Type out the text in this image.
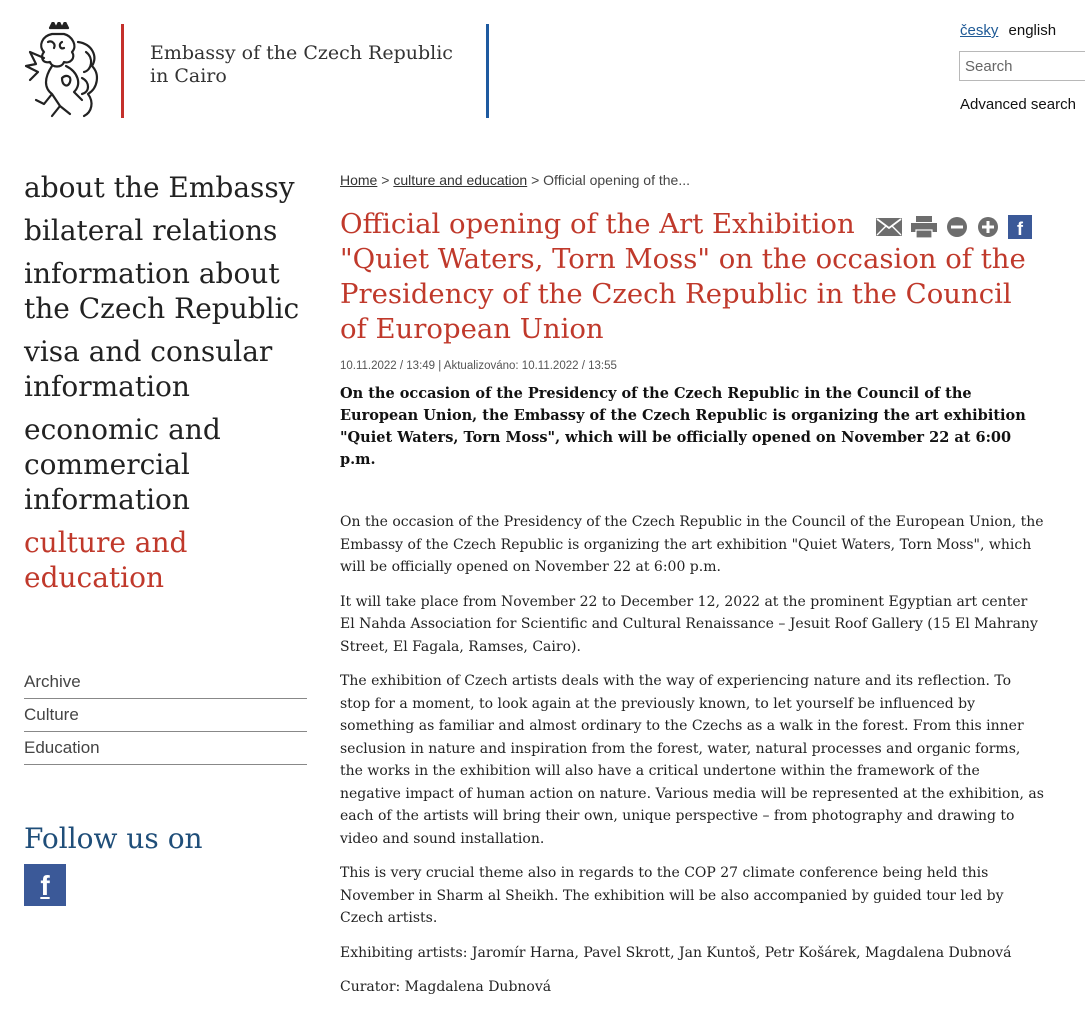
Embassy of the Czech Republic in Cairo
česky english
Search
Advanced search
about the Embassy
bilateral relations
information about the Czech Republic
visa and consular information
economic and commercial information
culture and education
Archive
Culture
Education
Follow us on
f
Home > culture and education > Official opening of the...
Official opening of the Art Exhibition "Quiet Waters, Torn Moss" on the occasion of the Presidency of the Czech Republic in the Council of European Union
f
10.11.2022 / 13:49 | Aktualizováno: 10.11.2022 / 13:55

On the occasion of the Presidency of the Czech Republic in the Council of the European Union, the Embassy of the Czech Republic is organizing the art exhibition "Quiet Waters, Torn Moss", which will be officially opened on November 22 at 6:00 p.m.

On the occasion of the Presidency of the Czech Republic in the Council of the European Union, the Embassy of the Czech Republic is organizing the art exhibition "Quiet Waters, Torn Moss", which will be officially opened on November 22 at 6:00 p.m.

It will take place from November 22 to December 12, 2022 at the prominent Egyptian art center El Nahda Association for Scientific and Cultural Renaissance – Jesuit Roof Gallery (15 El Mahrany Street, El Fagala, Ramses, Cairo).

The exhibition of Czech artists deals with the way of experiencing nature and its reflection. To stop for a moment, to look again at the previously known, to let yourself be influenced by something as familiar and almost ordinary to the Czechs as a walk in the forest. From this inner seclusion in nature and inspiration from the forest, water, natural processes and organic forms, the works in the exhibition will also have a critical undertone within the framework of the negative impact of human action on nature. Various media will be represented at the exhibition, as each of the artists will bring their own, unique perspective – from photography and drawing to video and sound installation.

This is very crucial theme also in regards to the COP 27 climate conference being held this November in Sharm al Sheikh. The exhibition will be also accompanied by guided tour led by Czech artists.

Exhibiting artists: Jaromír Harna, Pavel Skrott, Jan Kuntoš, Petr Košárek, Magdalena Dubnová

Curator: Magdalena Dubnová
